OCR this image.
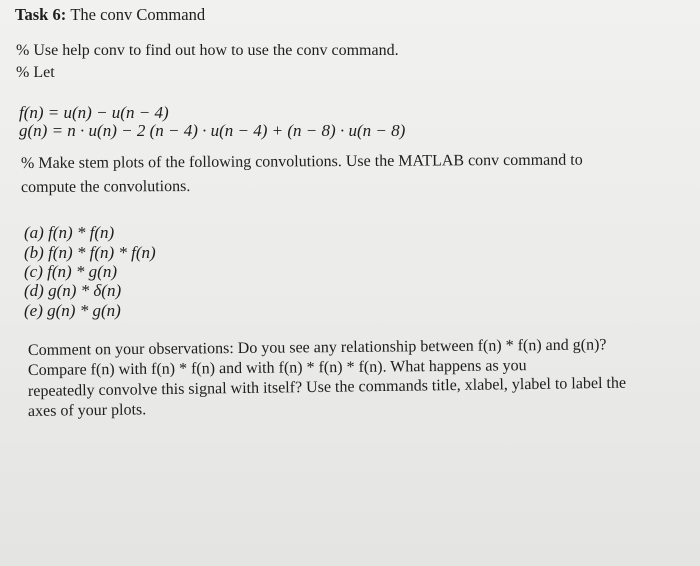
Task 6: The conv Command
% Use help conv to find out how to use the conv command.
% Let
f(n) = u(n) − u(n − 4)
g(n) = n · u(n) − 2 (n − 4) · u(n − 4) + (n − 8) · u(n − 8)
% Make stem plots of the following convolutions. Use the MATLAB conv command to
compute the convolutions.
(a) f(n) * f(n)
(b) f(n) * f(n) * f(n)
(c) f(n) * g(n)
(d) g(n) * δ(n)
(e) g(n) * g(n)
Comment on your observations: Do you see any relationship between f(n) * f(n) and g(n)?
Compare f(n) with f(n) * f(n) and with f(n) * f(n) * f(n). What happens as you
repeatedly convolve this signal with itself? Use the commands title, xlabel, ylabel to label the
axes of your plots.
